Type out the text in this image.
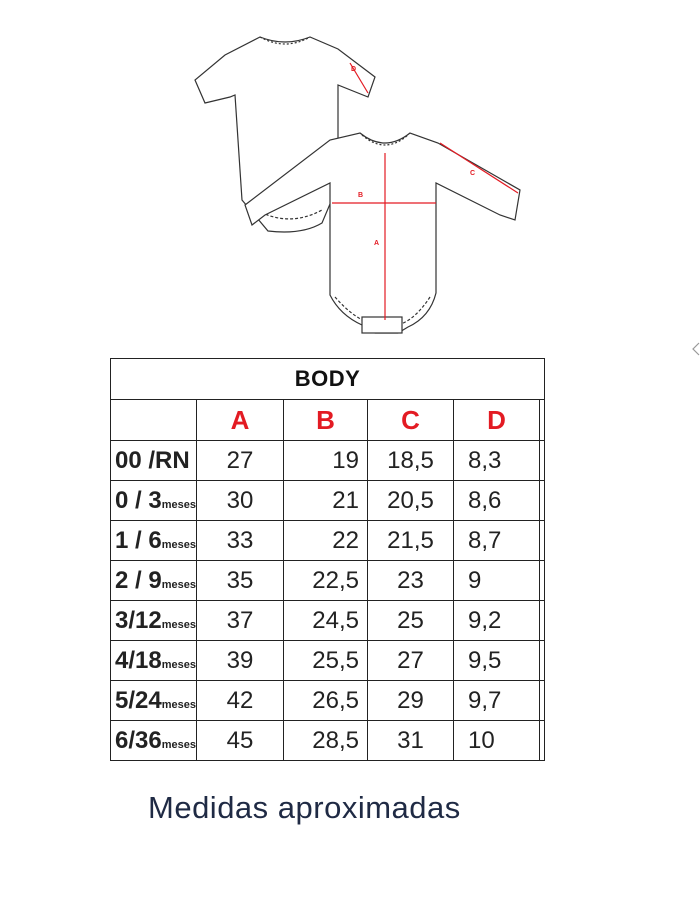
A
B
C
D
BODY					
	A	B	C	D	
00 /RN	27	19	18,5	8,3	
0 / 3meses	30	21	20,5	8,6	
1 / 6meses	33	22	21,5	8,7	
2 / 9meses	35	22,5	23	9	
3/12meses	37	24,5	25	9,2	
4/18meses	39	25,5	27	9,5	
5/24meses	42	26,5	29	9,7	
6/36meses	45	28,5	31	10	
Medidas aproximadas
